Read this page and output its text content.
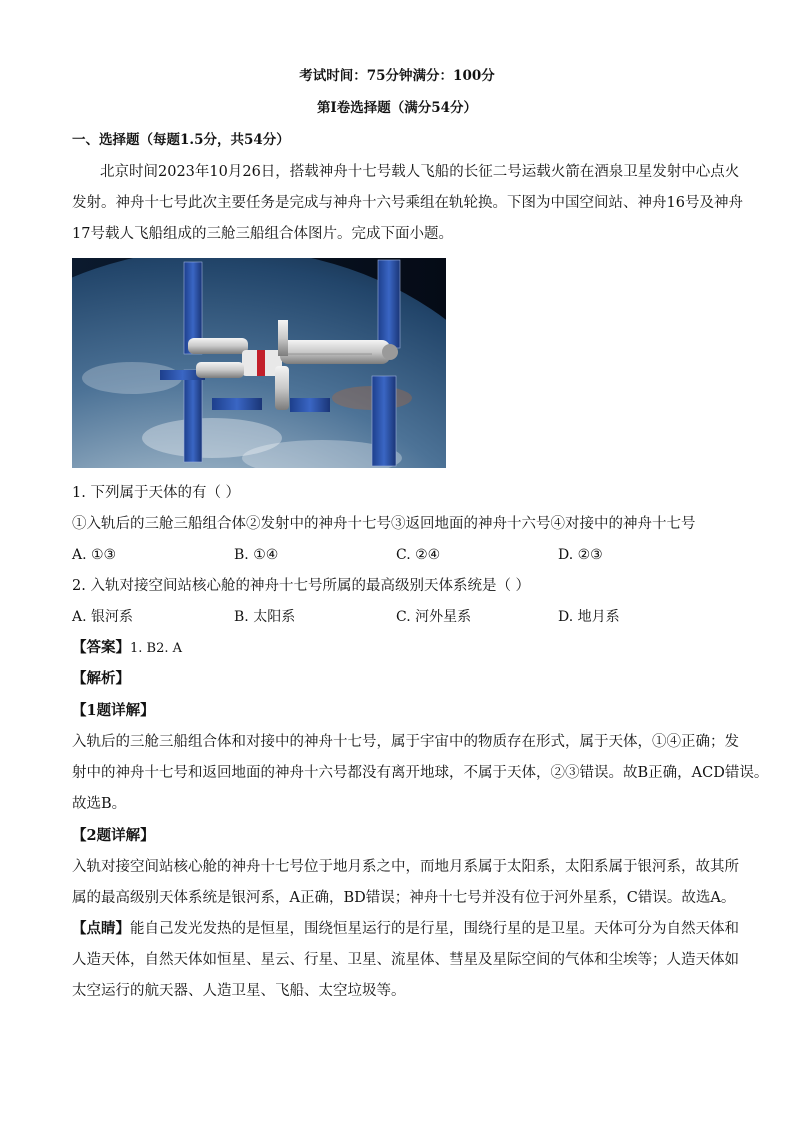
考试时间：75分钟满分：100分
第Ⅰ卷选择题（满分54分）
一、选择题（每题1.5分，共54分）
北京时间2023年10月26日，搭载神舟十七号载人飞船的长征二号运载火箭在酒泉卫星发射中心点火
发射。神舟十七号此次主要任务是完成与神舟十六号乘组在轨轮换。下图为中国空间站、神舟16号及神舟
17号载人飞船组成的三舱三船组合体图片。完成下面小题。
1. 下列属于天体的有（ ）
①入轨后的三舱三船组合体②发射中的神舟十七号③返回地面的神舟十六号④对接中的神舟十七号
A. ①③	B. ①④	C. ②④	D. ②③
2. 入轨对接空间站核心舱的神舟十七号所属的最高级别天体系统是（ ）
A. 银河系	B. 太阳系	C. 河外星系	D. 地月系
【答案】1. B2. A
【解析】
【1题详解】
入轨后的三舱三船组合体和对接中的神舟十七号，属于宇宙中的物质存在形式，属于天体，①④正确；发
射中的神舟十七号和返回地面的神舟十六号都没有离开地球，不属于天体，②③错误。故B正确，ACD错误。
故选B。
【2题详解】
入轨对接空间站核心舱的神舟十七号位于地月系之中，而地月系属于太阳系，太阳系属于银河系，故其所
属的最高级别天体系统是银河系，A正确，BD错误；神舟十七号并没有位于河外星系，C错误。故选A。
【点睛】能自己发光发热的是恒星，围绕恒星运行的是行星，围绕行星的是卫星。天体可分为自然天体和
人造天体，自然天体如恒星、星云、行星、卫星、流星体、彗星及星际空间的气体和尘埃等；人造天体如
太空运行的航天器、人造卫星、飞船、太空垃圾等。
